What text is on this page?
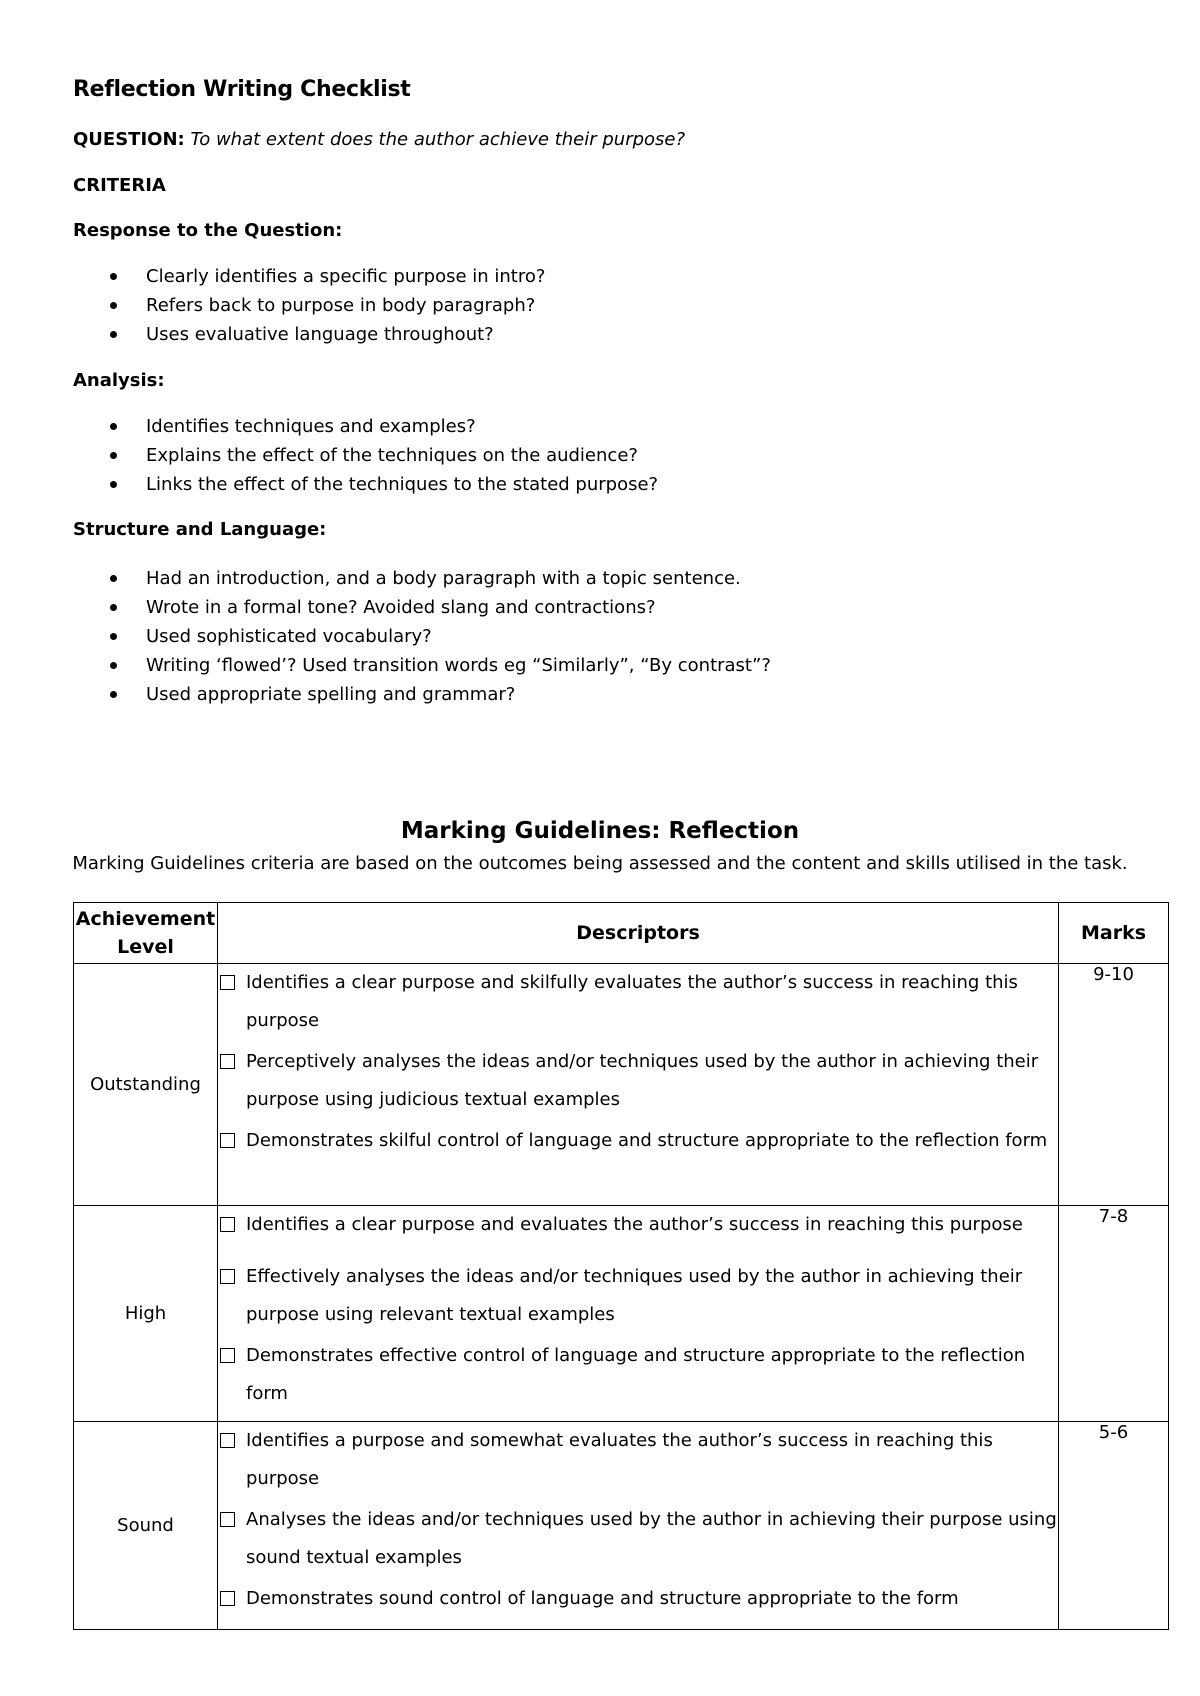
Reflection Writing Checklist

QUESTION: To what extent does the author achieve their purpose?

CRITERIA

Response to the Question:

Clearly identifies a specific purpose in intro?
Refers back to purpose in body paragraph?
Uses evaluative language throughout?

Analysis:

Identifies techniques and examples?
Explains the effect of the techniques on the audience?
Links the effect of the techniques to the stated purpose?

Structure and Language:

Had an introduction, and a body paragraph with a topic sentence.
Wrote in a formal tone? Avoided slang and contractions?
Used sophisticated vocabulary?
Writing ‘flowed’? Used transition words eg “Similarly”, “By contrast”?
Used appropriate spelling and grammar?
Marking Guidelines: Reflection

Marking Guidelines criteria are based on the outcomes being assessed and the content and skills utilised in the task.

Achievement Level	Descriptors	Marks
Outstanding	Identifies a clear purpose and skilfully evaluates the author’s success in reaching this purpose
Perceptively analyses the ideas and/or techniques used by the author in achieving their purpose using judicious textual examples
Demonstrates skilful control of language and structure appropriate to the reflection form	9-10
High	Identifies a clear purpose and evaluates the author’s success in reaching this purpose
Effectively analyses the ideas and/or techniques used by the author in achieving their purpose using relevant textual examples
Demonstrates effective control of language and structure appropriate to the reflection form	7-8
Sound	Identifies a purpose and somewhat evaluates the author’s success in reaching this purpose
Analyses the ideas and/or techniques used by the author in achieving their purpose using sound textual examples
Demonstrates sound control of language and structure appropriate to the form	5-6
